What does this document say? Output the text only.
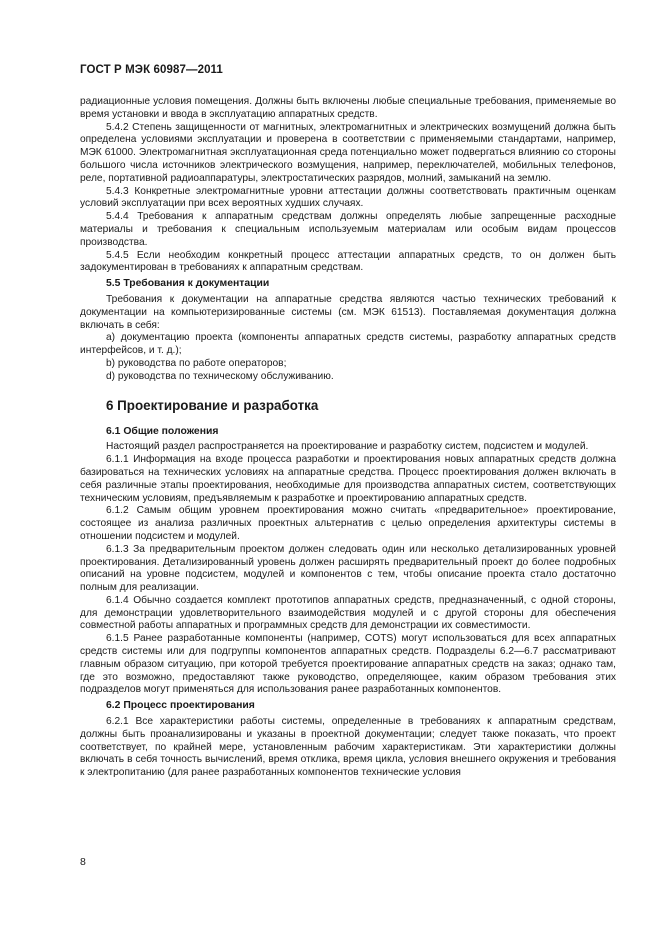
ГОСТ Р МЭК 60987—2011
радиационные условия помещения. Должны быть включены любые специальные требования, применяемые во время установки и ввода в эксплуатацию аппаратных средств.
5.4.2 Степень защищенности от магнитных, электромагнитных и электрических возмущений должна быть определена условиями эксплуатации и проверена в соответствии с применяемыми стандартами, например, МЭК 61000. Электромагнитная эксплуатационная среда потенциально может подвергаться влиянию со стороны большого числа источников электрического возмущения, например, переключателей, мобильных телефонов, реле, портативной радиоаппаратуры, электростатических разрядов, молний, замыканий на землю.
5.4.3 Конкретные электромагнитные уровни аттестации должны соответствовать практичным оценкам условий эксплуатации при всех вероятных худших случаях.
5.4.4 Требования к аппаратным средствам должны определять любые запрещенные расходные материалы и требования к специальным используемым материалам или особым видам процессов производства.
5.4.5 Если необходим конкретный процесс аттестации аппаратных средств, то он должен быть задокументирован в требованиях к аппаратным средствам.
5.5 Требования к документации
Требования к документации на аппаратные средства являются частью технических требований к документации на компьютеризированные системы (см. МЭК 61513). Поставляемая документация должна включать в себя:
a) документацию проекта (компоненты аппаратных средств системы, разработку аппаратных средств интерфейсов, и т. д.);
b) руководства по работе операторов;
d) руководства по техническому обслуживанию.
6 Проектирование и разработка
6.1 Общие положения
Настоящий раздел распространяется на проектирование и разработку систем, подсистем и модулей.
6.1.1 Информация на входе процесса разработки и проектирования новых аппаратных средств должна базироваться на технических условиях на аппаратные средства. Процесс проектирования должен включать в себя различные этапы проектирования, необходимые для производства аппаратных систем, соответствующих техническим условиям, предъявляемым к разработке и проектированию аппаратных средств.
6.1.2 Самым общим уровнем проектирования можно считать «предварительное» проектирование, состоящее из анализа различных проектных альтернатив с целью определения архитектуры системы в отношении подсистем и модулей.
6.1.3 За предварительным проектом должен следовать один или несколько детализированных уровней проектирования. Детализированный уровень должен расширять предварительный проект до более подробных описаний на уровне подсистем, модулей и компонентов с тем, чтобы описание проекта стало достаточно полным для реализации.
6.1.4 Обычно создается комплект прототипов аппаратных средств, предназначенный, с одной стороны, для демонстрации удовлетворительного взаимодействия модулей и с другой стороны для обеспечения совместной работы аппаратных и программных средств для демонстрации их совместимости.
6.1.5 Ранее разработанные компоненты (например, COTS) могут использоваться для всех аппаратных средств системы или для подгруппы компонентов аппаратных средств. Подразделы 6.2—6.7 рассматривают главным образом ситуацию, при которой требуется проектирование аппаратных средств на заказ; однако там, где это возможно, предоставляют также руководство, определяющее, каким образом требования этих подразделов могут применяться для использования ранее разработанных компонентов.
6.2 Процесс проектирования
6.2.1 Все характеристики работы системы, определенные в требованиях к аппаратным средствам, должны быть проанализированы и указаны в проектной документации; следует также показать, что проект соответствует, по крайней мере, установленным рабочим характеристикам. Эти характеристики должны включать в себя точность вычислений, время отклика, время цикла, условия внешнего окружения и требования к электропитанию (для ранее разработанных компонентов технические условия
8
